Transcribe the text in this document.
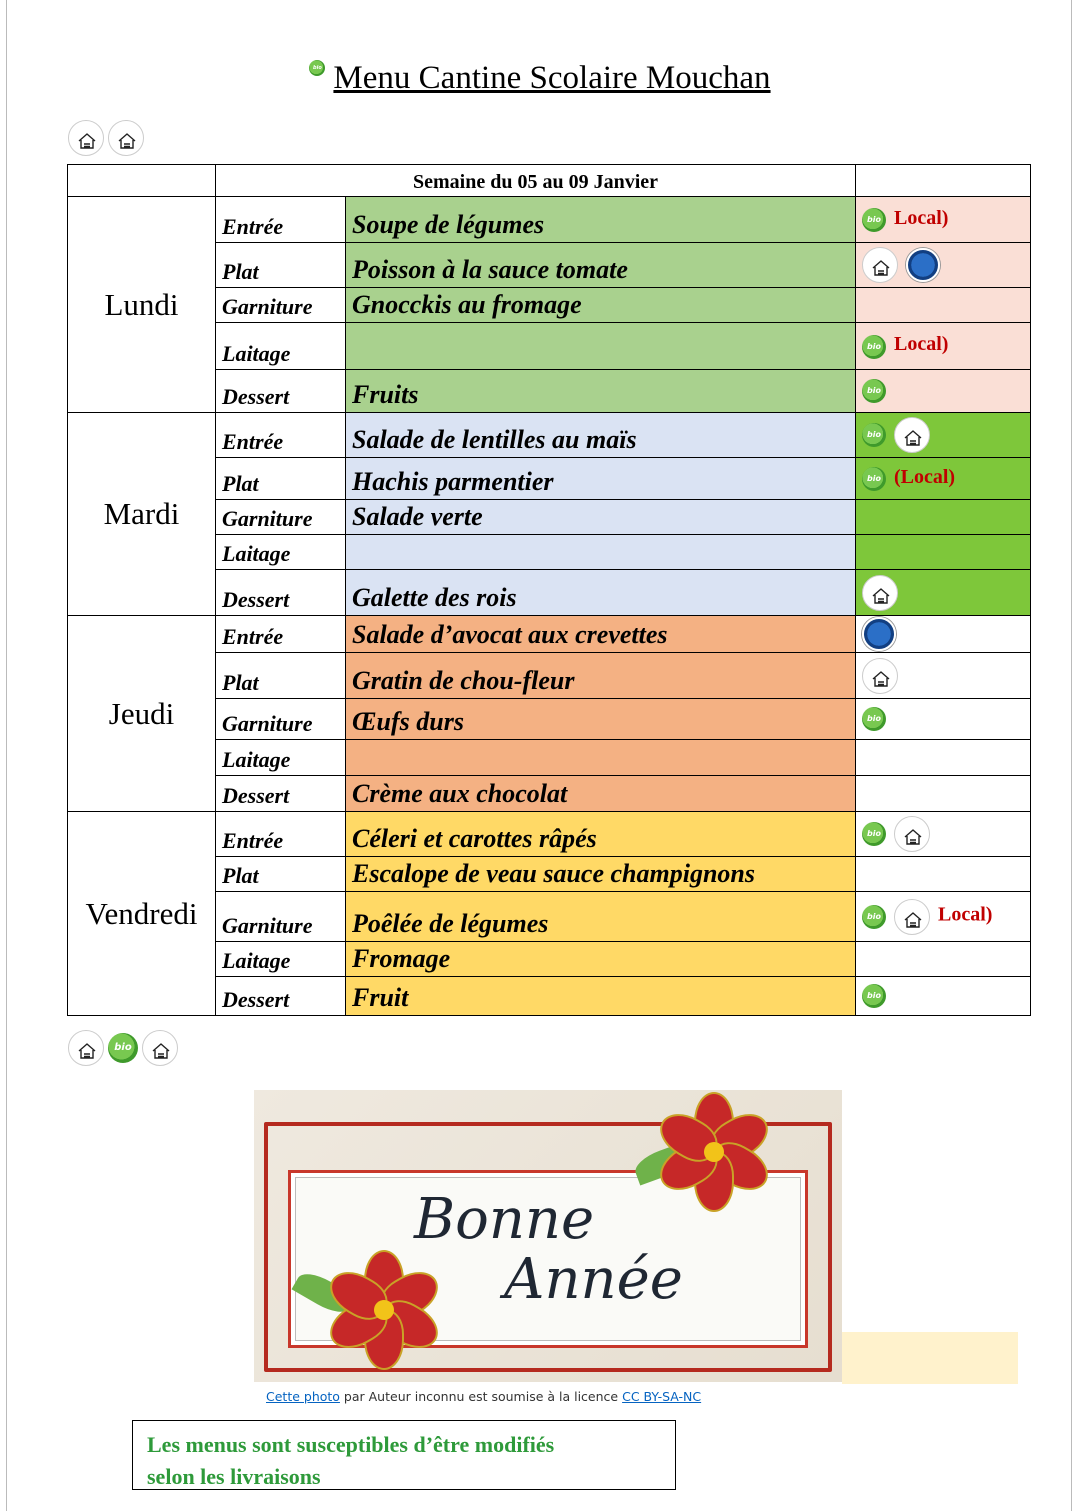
bio Menu Cantine Scolaire Mouchan

	Semaine du 05 au 09 Janvier		
Lundi	Entrée	Soupe de légumes	bio Local)
	Plat	Poisson à la sauce tomate	

	Garniture	Gnocckis au fromage	
	Laitage		bio Local)
	Dessert	Fruits	bio
Mardi	Entrée	Salade de lentilles au maïs	bio

	Plat	Hachis parmentier	bio (Local)
	Garniture	Salade verte	
	Laitage		
	Dessert	Galette des rois	

Jeudi	Entrée	Salade d’avocat aux crevettes	
	Plat	Gratin de chou-fleur	

	Garniture	Œufs durs	bio
	Laitage		
	Dessert	Crème aux chocolat	
Vendredi	Entrée	Céleri et carottes râpés	bio

	Plat	Escalope de veau sauce champignons	
	Garniture	Poêlée de légumes	bio Local)
	Laitage	Fromage	
	Dessert	Fruit	bio
bio
Bonne
Année
Cette photo par Auteur inconnu est soumise à la licence CC BY-SA-NC
Les menus sont susceptibles d’être modifiés
selon les livraisons
